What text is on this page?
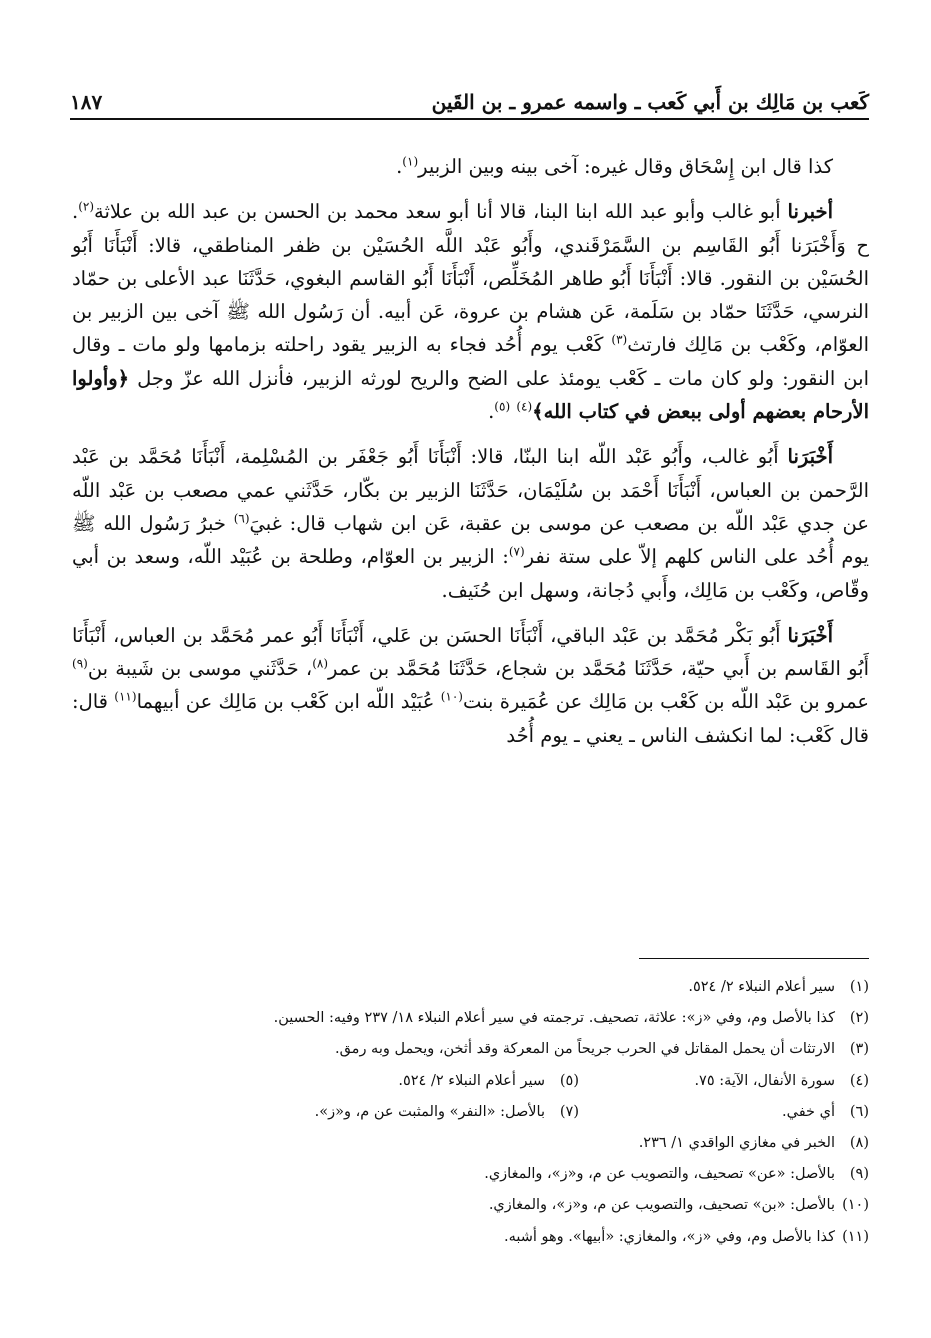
كَعب بن مَالِك بن أَبي كَعب ـ واسمه عمرو ـ بن القَين
١٨٧

كذا قال ابن إِسْحَاق وقال غيره: آخى بينه وبين الزبير$^{(١)}$.

أخبرنا أبو غالب وأبو عبد الله ابنا البنا، قالا أنا أبو سعد محمد بن الحسن بن عبد الله بن علاثة$^{(٢)}$. ح وَأَخْبَرَنا أَبُو القَاسِم بن السَّمَرْقَندي، وأَبُو عَبْد اللَّه الحُسَيْن بن ظفر المناطقي، قالا: أَنْبَأَنَا أَبُو الحُسَيْن بن النقور. قالا: أَنْبَأَنَا أَبُو طاهر المُخَلِّص، أَنْبَأَنَا أَبُو القاسم البغوي، حَدَّثَنَا عبد الأعلى بن حمّاد النرسي، حَدَّثَنَا حمّاد بن سَلَمة، عَن هشام بن عروة، عَن أبيه. أن رَسُول الله ﷺ آخى بين الزبير بن العوّام، وكَعْب بن مَالِك فارتث$^{(٣)}$ كَعْب يوم أُحُد فجاء به الزبير يقود راحلته بزمامها ولو مات ـ وقال ابن النقور: ولو كان مات ـ كَعْب يومئذ على الضح والريح لورثه الزبير، فأنزل الله عزّ وجل ﴿وأولوا الأرحام بعضهم أولى ببعض في كتاب الله﴾$^{(٤)}$ $^{(٥)}$.

أَخْبَرَنا أَبُو غالب، وأَبُو عَبْد اللّه ابنا البنّا، قالا: أَنْبَأَنَا أَبُو جَعْفَر بن المُسْلِمة، أَنْبَأَنَا مُحَمَّد بن عَبْد الرَّحمن بن العباس، أَنْبَأَنَا أَحْمَد بن سُلَيْمَان، حَدَّثَنَا الزبير بن بكّار، حَدَّثَني عمي مصعب بن عَبْد اللّه عن جدي عَبْد اللّه بن مصعب عن موسى بن عقبة، عَن ابن شهاب قال: غبيَ$^{(٦)}$ خبرُ رَسُول الله ﷺ يوم أُحُد على الناس كلهم إلاّ على ستة نفر$^{(٧)}$: الزبير بن العوّام، وطلحة بن عُبَيْد اللّه، وسعد بن أبي وقّاص، وكَعْب بن مَالِك، وأَبي دُجانة، وسهل ابن حُنَيف.

أَخْبَرَنا أَبُو بَكْر مُحَمَّد بن عَبْد الباقي، أَنْبَأَنَا الحسَن بن عَلي، أَنْبَأَنَا أَبُو عمر مُحَمَّد بن العباس، أَنْبَأَنَا أَبُو القَاسم بن أَبي حيّة، حَدَّثَنَا مُحَمَّد بن شجاع، حَدَّثَنَا مُحَمَّد بن عمر$^{(٨)}$، حَدَّثَني موسى بن شَيبة بن$^{(٩)}$ عمرو بن عَبْد اللّه بن كَعْب بن مَالِك عن عُمَيرة بنت$^{(١٠)}$ عُبَيْد اللّه ابن كَعْب بن مَالِك عن أبيهما$^{(١١)}$ قال: قال كَعْب: لما انكشف الناس ـ يعني ـ يوم أُحُد

(١)
سير أعلام النبلاء ٢/ ٥٢٤.
(٢)
كذا بالأصل وم، وفي «ز»: علاثة، تصحيف. ترجمته في سير أعلام النبلاء ١٨/ ٢٣٧ وفيه: الحسين.
(٣)
الارتثات أن يحمل المقاتل في الحرب جريحاً من المعركة وقد أثخن، ويحمل وبه رمق.
(٤)
سورة الأنفال، الآية: ٧٥.
(٥)
سير أعلام النبلاء ٢/ ٥٢٤.
(٦)
أي خفي.
(٧)
بالأصل: «النفر» والمثبت عن م، و«ز».
(٨)
الخبر في مغازي الواقدي ١/ ٢٣٦.
(٩)
بالأصل: «عن» تصحيف، والتصويب عن م، و«ز»، والمغازي.
(١٠)
بالأصل: «بن» تصحيف، والتصويب عن م، و«ز»، والمغازي.
(١١)
كذا بالأصل وم، وفي «ز»، والمغازي: «أبيها». وهو أشبه.
